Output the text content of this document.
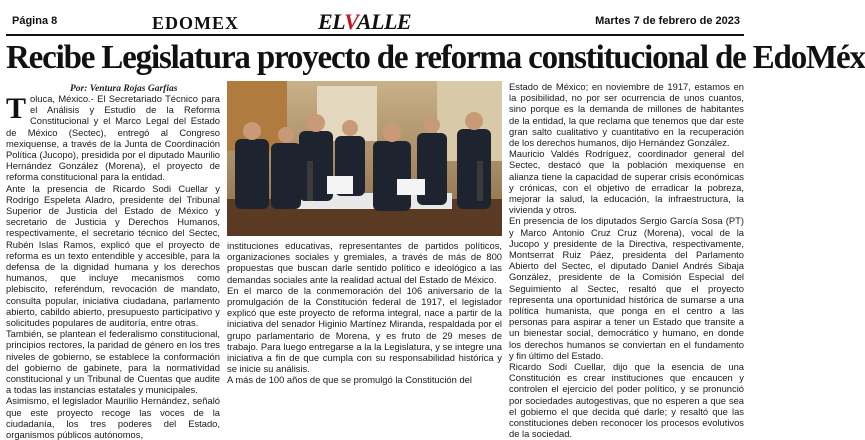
Página 8	EDOMEX	ELVALLE	Martes 7 de febrero de 2023
Recibe Legislatura proyecto de reforma constitucional de EdoMéx
Por: Ventura Rojas Garfias

Toluca, México.- El Secretariado Técnico para el Análisis y Estudio de la Reforma Constitucional y el Marco Legal del Estado de México (Sectec), entregó al Congreso mexiquense, a través de la Junta de Coordinación Política (Jucopo), presidida por el diputado Maurilio Hernández González (Morena), el proyecto de reforma constitucional para la entidad.

Ante la presencia de Ricardo Sodi Cuellar y Rodrigo Espeleta Aladro, presidente del Tribunal Superior de Justicia del Estado de México y secretario de Justicia y Derechos Humanos, respectivamente, el secretario técnico del Sectec, Rubén Islas Ramos, explicó que el proyecto de reforma es un texto entendible y accesible, para la defensa de la dignidad humana y los derechos humanos, que incluye mecanismos como plebiscito, referéndum, revocación de mandato, consulta popular, iniciativa ciudadana, parlamento abierto, cabildo abierto, presupuesto participativo y solicitudes populares de auditoría, entre otras.

También, se plantean el federalismo constitucional, principios rectores, la paridad de género en los tres niveles de gobierno, se establece la conformación del gobierno de gabinete, para la normatividad constitucional y un Tribunal de Cuentas que audite a todas las instancias estatales y municipales.

Asimismo, el legislador Maurilio Hernández, señaló que este proyecto recoge las voces de la ciudadanía, los tres poderes del Estado, organismos públicos autónomos,

instituciones educativas, representantes de partidos políticos, organizaciones sociales y gremiales, a través de más de 800 propuestas que buscan darle sentido político e ideológico a las demandas sociales ante la realidad actual del Estado de México.

En el marco de la conmemoración del 106 aniversario de la promulgación de la Constitución federal de 1917, el legislador explicó que este proyecto de reforma integral, nace a partir de la iniciativa del senador Higinio Martínez Miranda, respaldada por el grupo parlamentario de Morena, y es fruto de 29 meses de trabajo. Para luego entregarse a la la Legislatura, y se integre una iniciativa a fin de que cumpla con su responsabilidad histórica y se inicie su análisis.

A más de 100 años de que se promulgó la Constitución del

Estado de México; en noviembre de 1917, estamos en la posibilidad, no por ser ocurrencia de unos cuantos, sino porque es la demanda de millones de habitantes de la entidad, la que reclama que tenemos que dar este gran salto cualitativo y cuantitativo en la recuperación de los derechos humanos, dijo Hernández González.

Mauricio Valdés Rodríguez, coordinador general del Sectec, destacó que la población mexiquense en alianza tiene la capacidad de superar crisis económicas y crónicas, con el objetivo de erradicar la pobreza, mejorar la salud, la educación, la infraestructura, la vivienda y otros.

En presencia de los diputados Sergio García Sosa (PT) y Marco Antonio Cruz Cruz (Morena), vocal de la Jucopo y presidente de la Directiva, respectivamente, Montserrat Ruiz Páez, presidenta del Parlamento Abierto del Sectec, el diputado Daniel Andrés Sibaja González, presidente de la Comisión Especial del Seguimiento al Sectec, resaltó que el proyecto representa una oportunidad histórica de sumarse a una política humanista, que ponga en el centro a las personas para aspirar a tener un Estado que transite a un bienestar social, democrático y humano, en donde los derechos humanos se conviertan en el fundamento y fin último del Estado.

Ricardo Sodi Cuellar, dijo que la esencia de una Constitución es crear instituciones que encaucen y controlen el ejercicio del poder político, y se pronunció por sociedades autogestivas, que no esperen a que sea el gobierno el que decida qué darle; y resaltó que las constituciones deben reconocer los procesos evolutivos de la sociedad.
